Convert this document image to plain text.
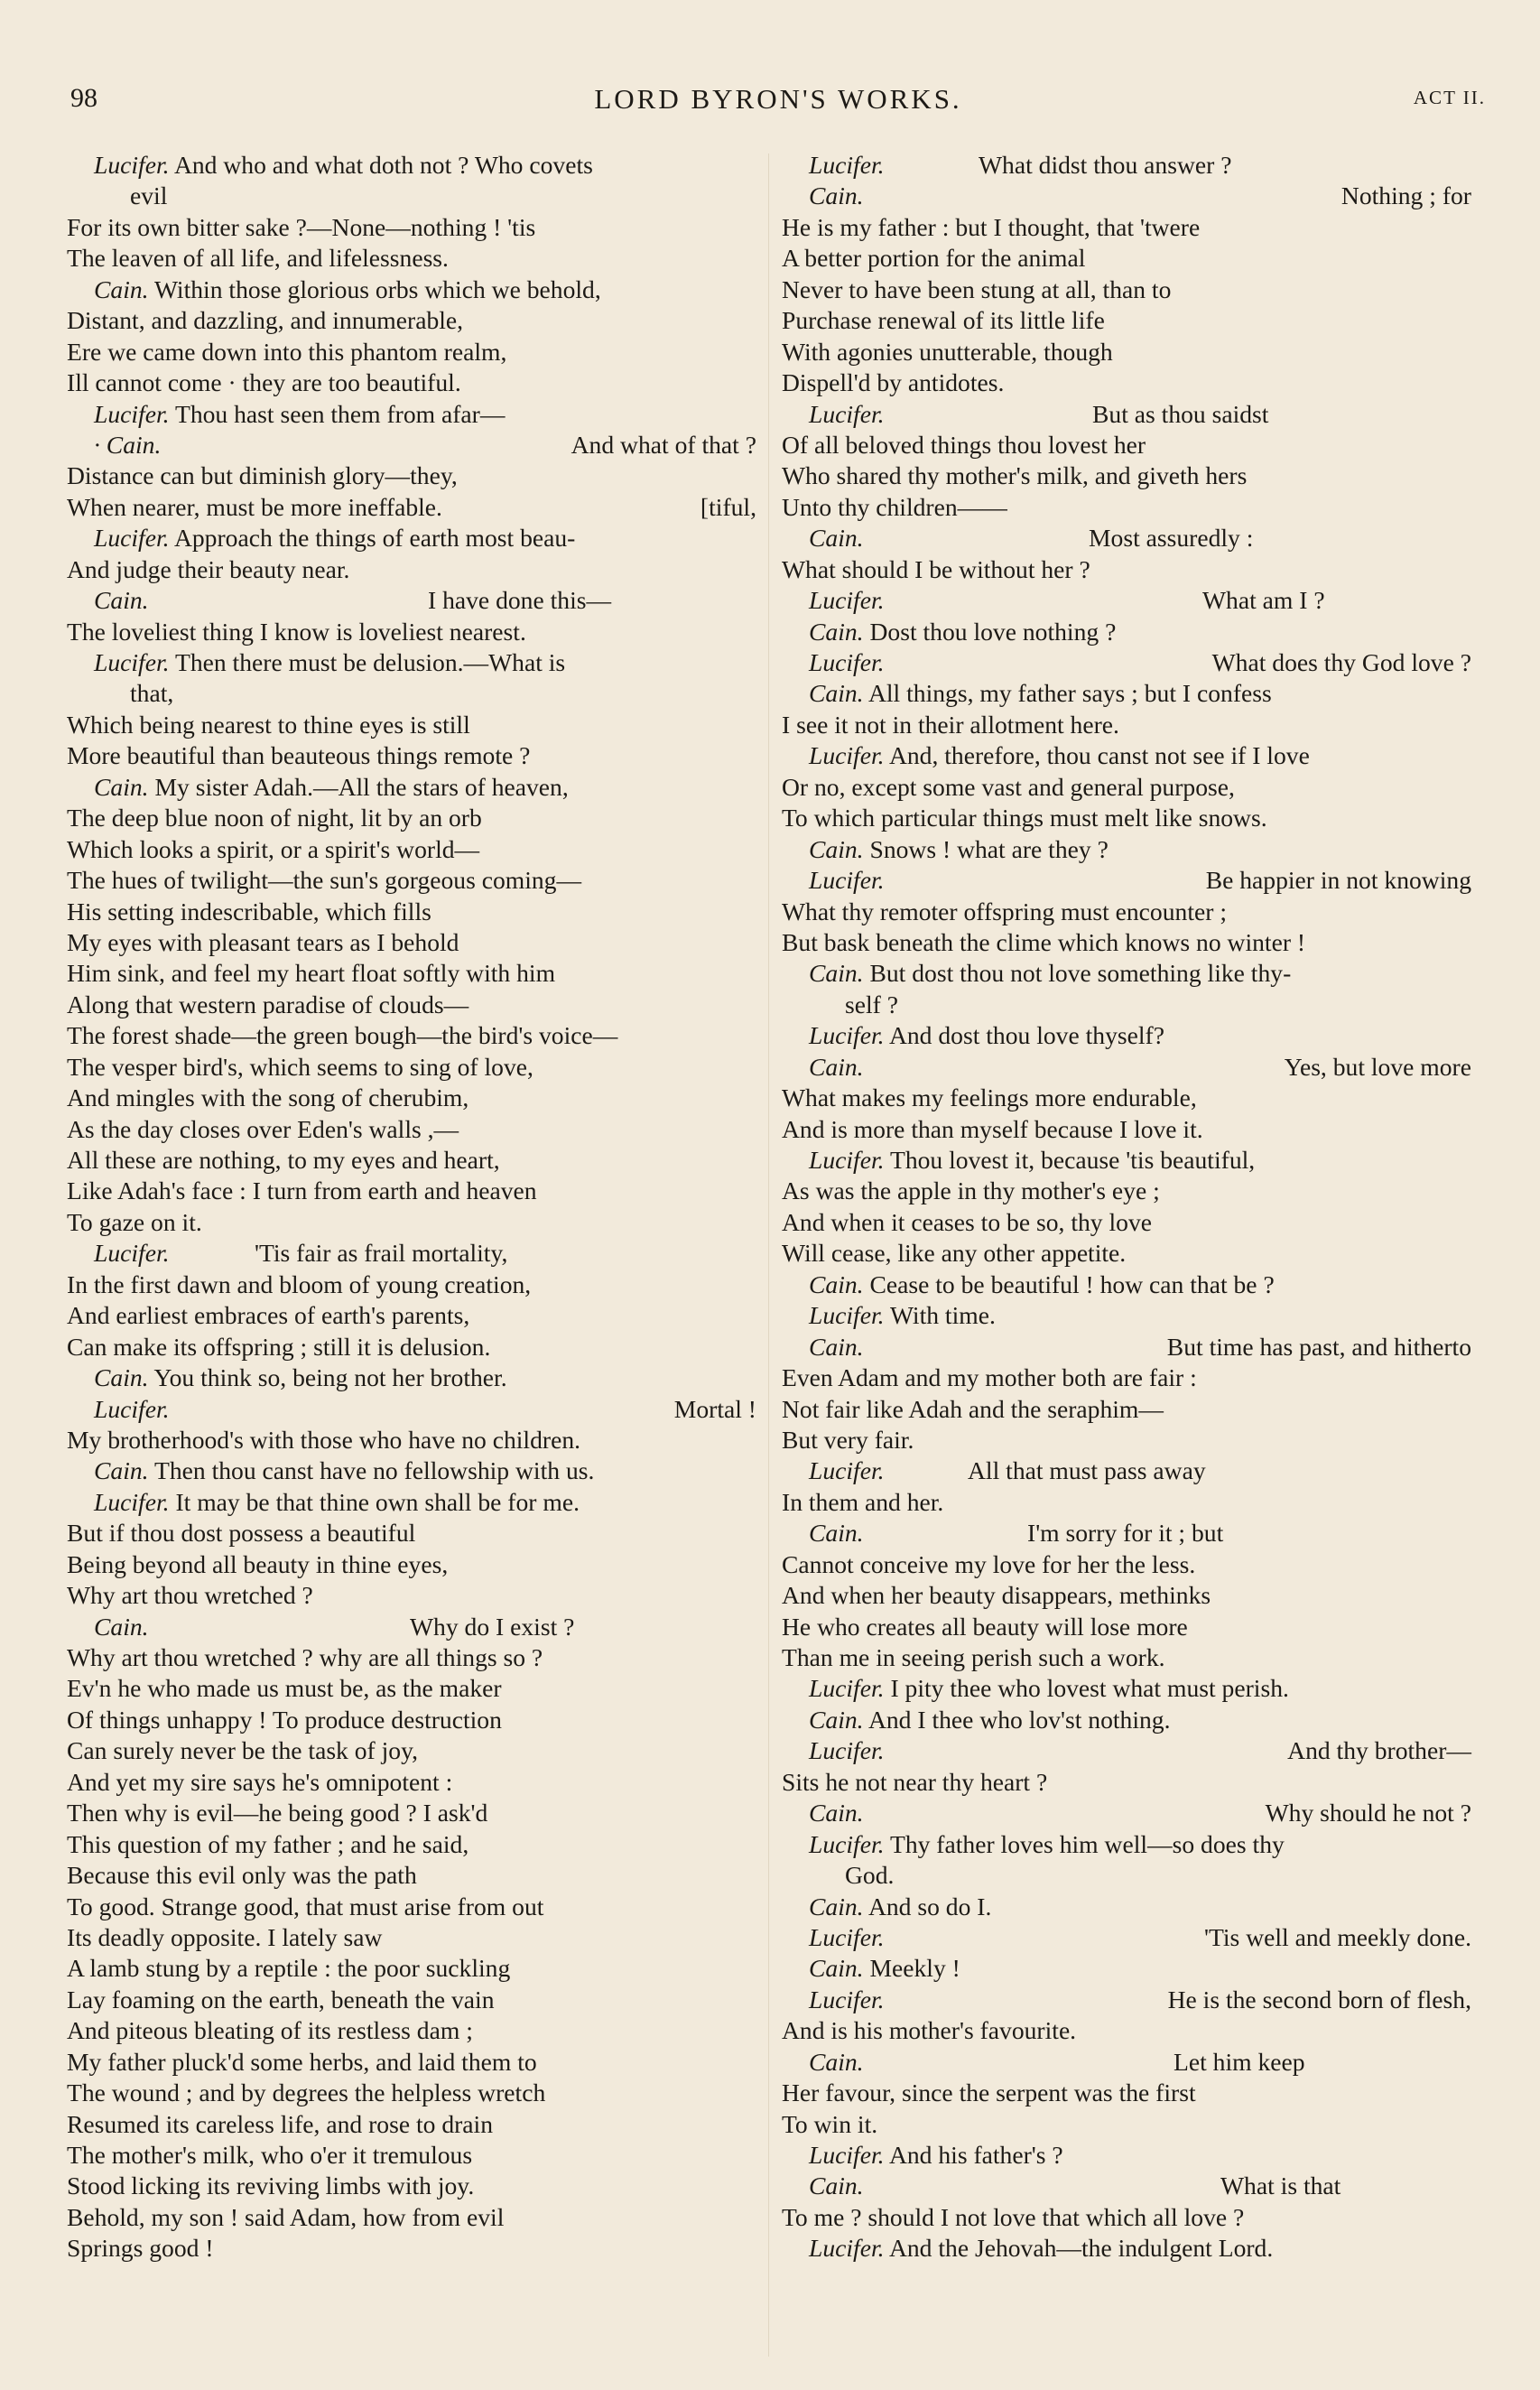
98	LORD BYRON'S WORKS.	ACT II.
Lucifer. And who and what doth not ? Who covets
evil
For its own bitter sake ?—None—nothing ! 'tis
The leaven of all life, and lifelessness.
Cain. Within those glorious orbs which we behold,
Distant, and dazzling, and innumerable,
Ere we came down into this phantom realm,
Ill cannot come · they are too beautiful.
Lucifer. Thou hast seen them from afar—
· Cain.	And what of that ?
Distance can but diminish glory—they,
When nearer, must be more ineffable.	[tiful,
Lucifer. Approach the things of earth most beau-
And judge their beauty near.
Cain.	I have done this—
The loveliest thing I know is loveliest nearest.
Lucifer. Then there must be delusion.—What is
that,
Which being nearest to thine eyes is still
More beautiful than beauteous things remote ?
Cain. My sister Adah.—All the stars of heaven,
The deep blue noon of night, lit by an orb
Which looks a spirit, or a spirit's world—
The hues of twilight—the sun's gorgeous coming—
His setting indescribable, which fills
My eyes with pleasant tears as I behold
Him sink, and feel my heart float softly with him
Along that western paradise of clouds—
The forest shade—the green bough—the bird's voice—
The vesper bird's, which seems to sing of love,
And mingles with the song of cherubim,
As the day closes over Eden's walls ,—
All these are nothing, to my eyes and heart,
Like Adah's face : I turn from earth and heaven
To gaze on it.
Lucifer.	'Tis fair as frail mortality,
In the first dawn and bloom of young creation,
And earliest embraces of earth's parents,
Can make its offspring ; still it is delusion.
Cain. You think so, being not her brother.
Lucifer.	Mortal !
My brotherhood's with those who have no children.
Cain. Then thou canst have no fellowship with us.
Lucifer. It may be that thine own shall be for me.
But if thou dost possess a beautiful
Being beyond all beauty in thine eyes,
Why art thou wretched ?
Cain.	Why do I exist ?
Why art thou wretched ? why are all things so ?
Ev'n he who made us must be, as the maker
Of things unhappy ! To produce destruction
Can surely never be the task of joy,
And yet my sire says he's omnipotent :
Then why is evil—he being good ? I ask'd
This question of my father ; and he said,
Because this evil only was the path
To good. Strange good, that must arise from out
Its deadly opposite. I lately saw
A lamb stung by a reptile : the poor suckling
Lay foaming on the earth, beneath the vain
And piteous bleating of its restless dam ;
My father pluck'd some herbs, and laid them to
The wound ; and by degrees the helpless wretch
Resumed its careless life, and rose to drain
The mother's milk, who o'er it tremulous
Stood licking its reviving limbs with joy.
Behold, my son ! said Adam, how from evil
Springs good !
Lucifer.	What didst thou answer ?
Cain.	Nothing ; for
He is my father : but I thought, that 'twere
A better portion for the animal
Never to have been stung at all, than to
Purchase renewal of its little life
With agonies unutterable, though
Dispell'd by antidotes.
Lucifer.	But as thou saidst
Of all beloved things thou lovest her
Who shared thy mother's milk, and giveth hers
Unto thy children——
Cain.	Most assuredly :
What should I be without her ?
Lucifer.	What am I ?
Cain. Dost thou love nothing ?
Lucifer.	What does thy God love ?
Cain. All things, my father says ; but I confess
I see it not in their allotment here.
Lucifer. And, therefore, thou canst not see if I love
Or no, except some vast and general purpose,
To which particular things must melt like snows.
Cain. Snows ! what are they ?
Lucifer.	Be happier in not knowing
What thy remoter offspring must encounter ;
But bask beneath the clime which knows no winter !
Cain. But dost thou not love something like thy-
self ?
Lucifer. And dost thou love thyself?
Cain.	Yes, but love more
What makes my feelings more endurable,
And is more than myself because I love it.
Lucifer. Thou lovest it, because 'tis beautiful,
As was the apple in thy mother's eye ;
And when it ceases to be so, thy love
Will cease, like any other appetite.
Cain. Cease to be beautiful ! how can that be ?
Lucifer. With time.
Cain.	But time has past, and hitherto
Even Adam and my mother both are fair :
Not fair like Adah and the seraphim—
But very fair.
Lucifer.	All that must pass away
In them and her.
Cain.	I'm sorry for it ; but
Cannot conceive my love for her the less.
And when her beauty disappears, methinks
He who creates all beauty will lose more
Than me in seeing perish such a work.
Lucifer. I pity thee who lovest what must perish.
Cain. And I thee who lov'st nothing.
Lucifer.	And thy brother—
Sits he not near thy heart ?
Cain.	Why should he not ?
Lucifer. Thy father loves him well—so does thy
God.
Cain. And so do I.
Lucifer.	'Tis well and meekly done.
Cain. Meekly !
Lucifer.	He is the second born of flesh,
And is his mother's favourite.
Cain.	Let him keep
Her favour, since the serpent was the first
To win it.
Lucifer. And his father's ?
Cain.	What is that
To me ? should I not love that which all love ?
Lucifer. And the Jehovah—the indulgent Lord.
